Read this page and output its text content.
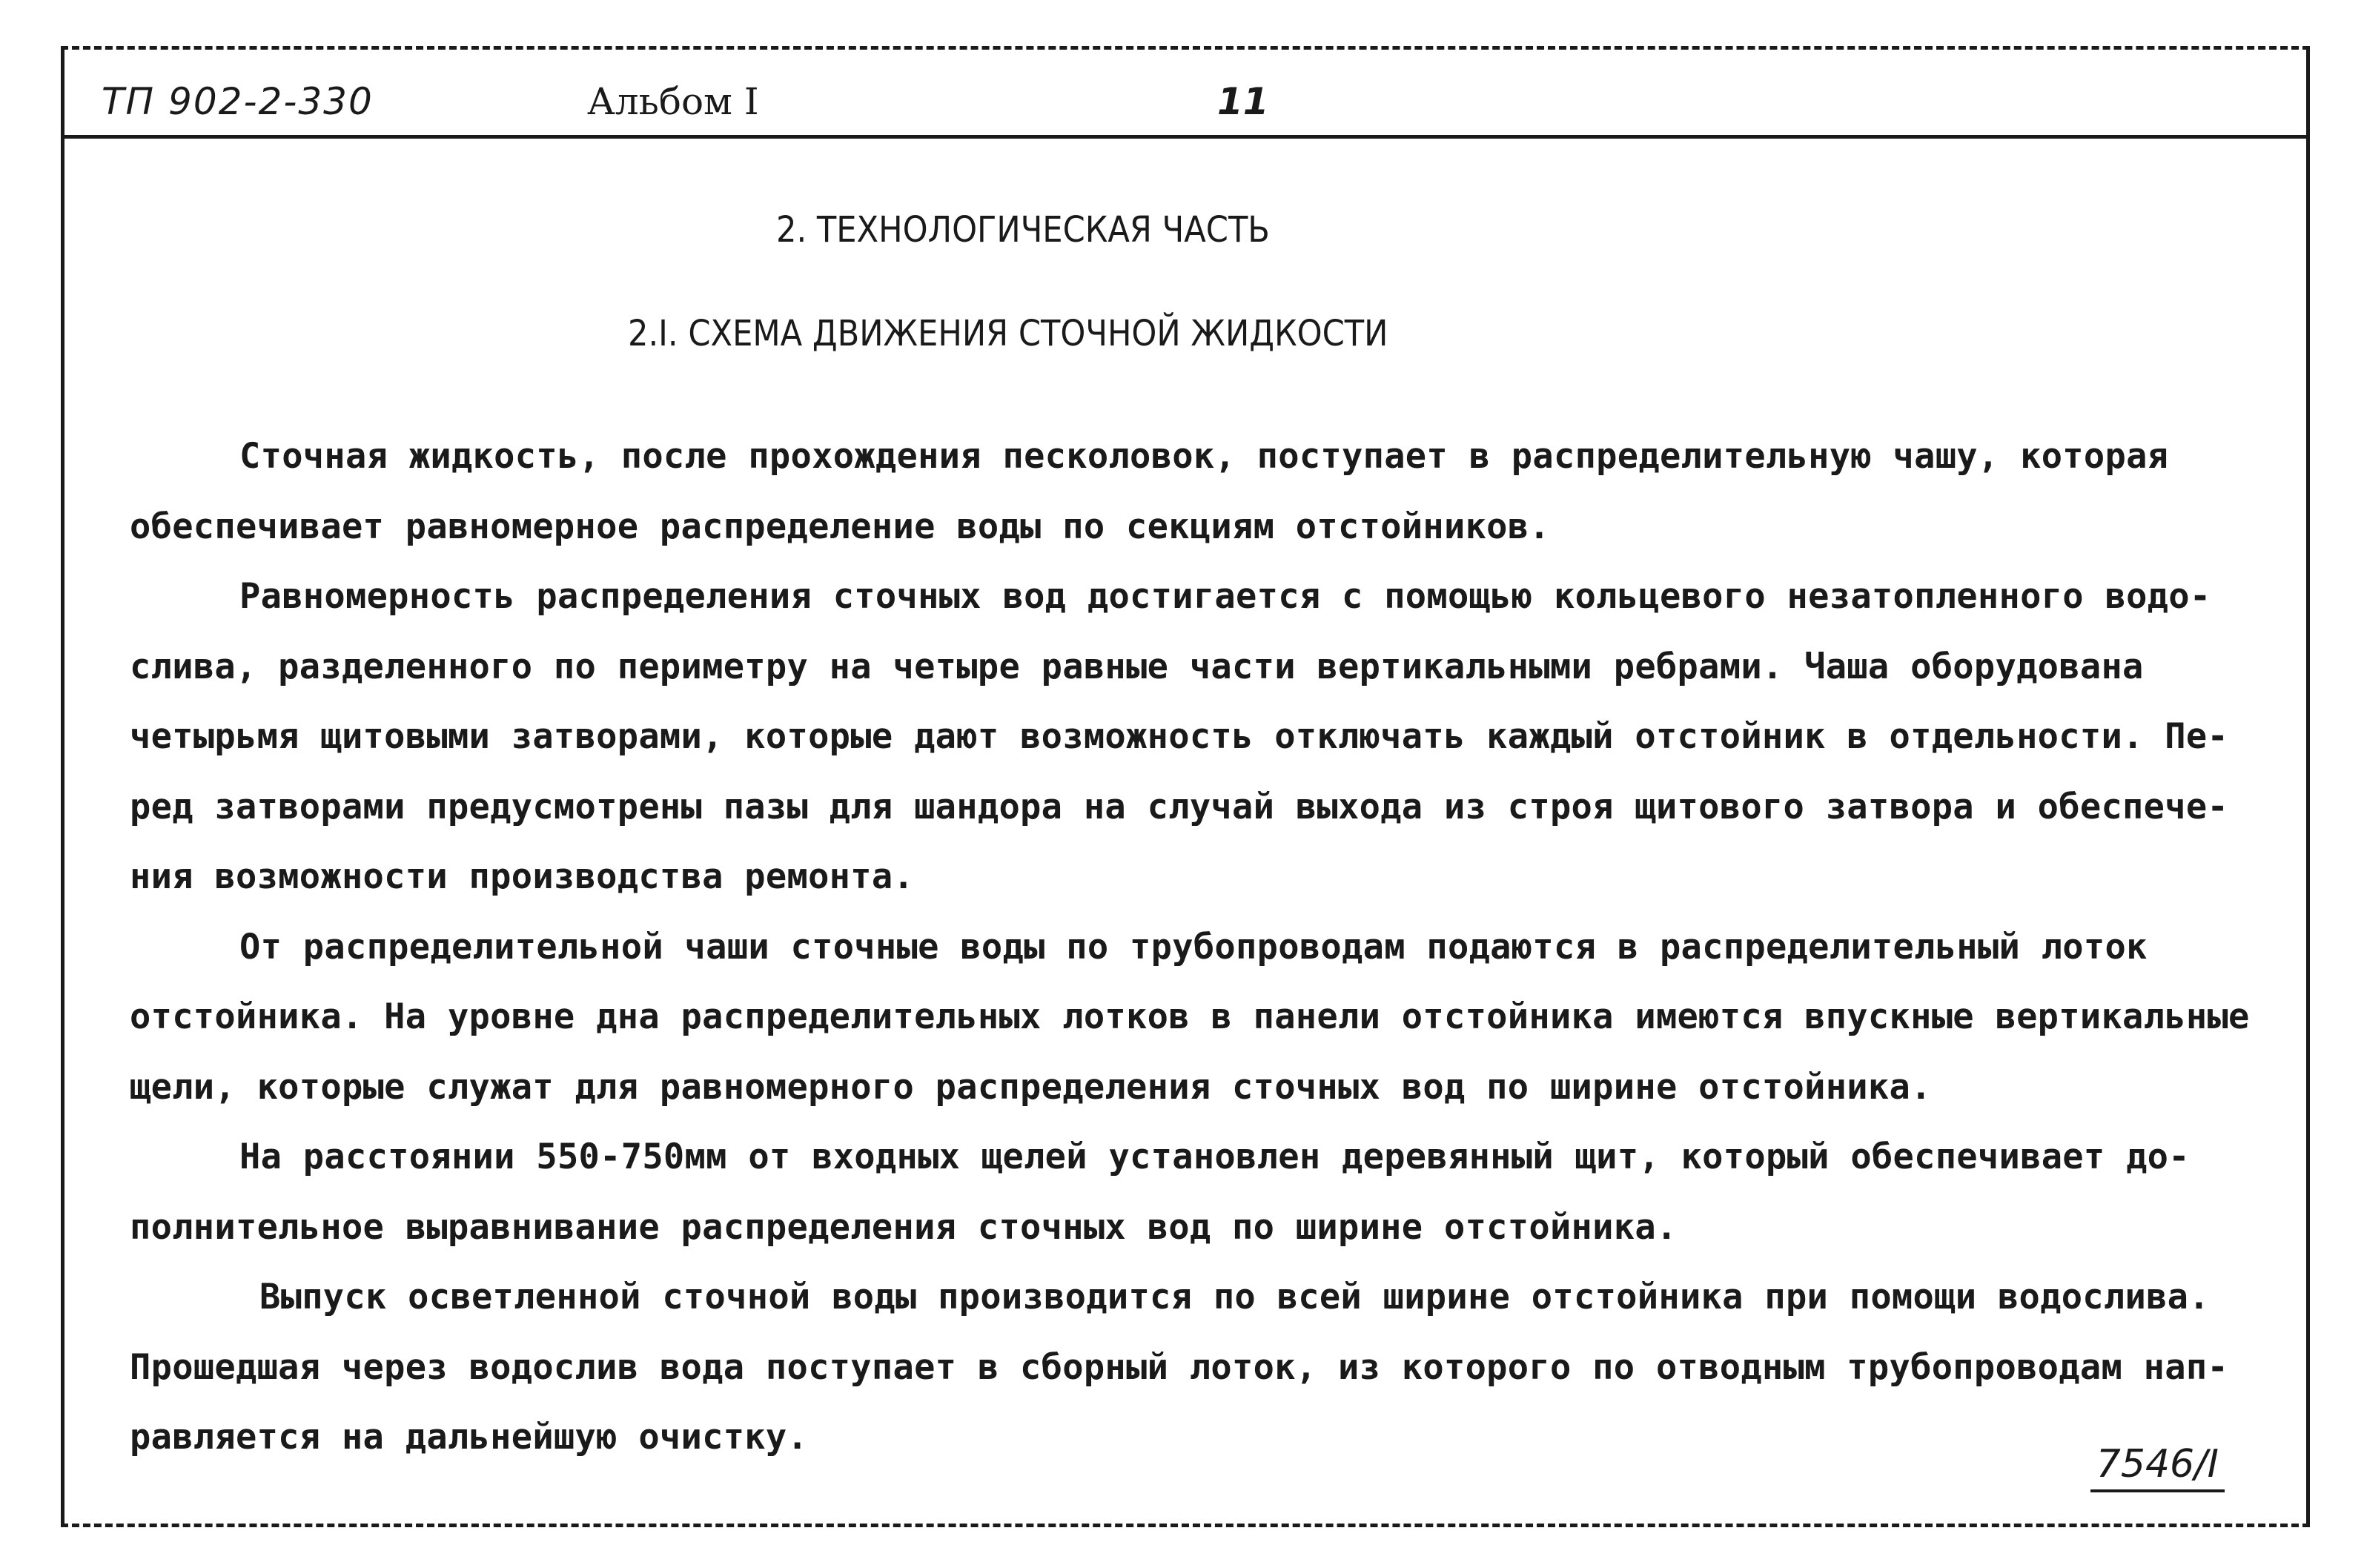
ТП 902-2-330	Альбом I	11
2. ТЕХНОЛОГИЧЕСКАЯ ЧАСТЬ
2.I. СХЕМА ДВИЖЕНИЯ СТОЧНОЙ ЖИДКОСТИ
Сточная жидкость, после прохождения песколовок, поступает в распределительную чашу, которая
обеспечивает равномерное распределение воды по секциям отстойников.
Равномерность распределения сточных вод достигается с помощью кольцевого незатопленного водо-
слива, разделенного по периметру на четыре равные части вертикальными ребрами. Чаша оборудована
четырьмя щитовыми затворами, которые дают возможность отключать каждый отстойник в отдельности. Пе-
ред затворами предусмотрены пазы для шандора на случай выхода из строя щитового затвора и обеспече-
ния возможности производства ремонта.
От распределительной чаши сточные воды по трубопроводам подаются в распределительный лоток
отстойника. На уровне дна распределительных лотков в панели отстойника имеются впускные вертикальные
щели, которые служат для равномерного распределения сточных вод по ширине отстойника.
На расстоянии 550-750мм от входных щелей установлен деревянный щит, который обеспечивает до-
полнительное выравнивание распределения сточных вод по ширине отстойника.
Выпуск осветленной сточной воды производится по всей ширине отстойника при помощи водослива.
Прошедшая через водослив вода поступает в сборный лоток, из которого по отводным трубопроводам нап-
равляется на дальнейшую очистку.
7546/I
